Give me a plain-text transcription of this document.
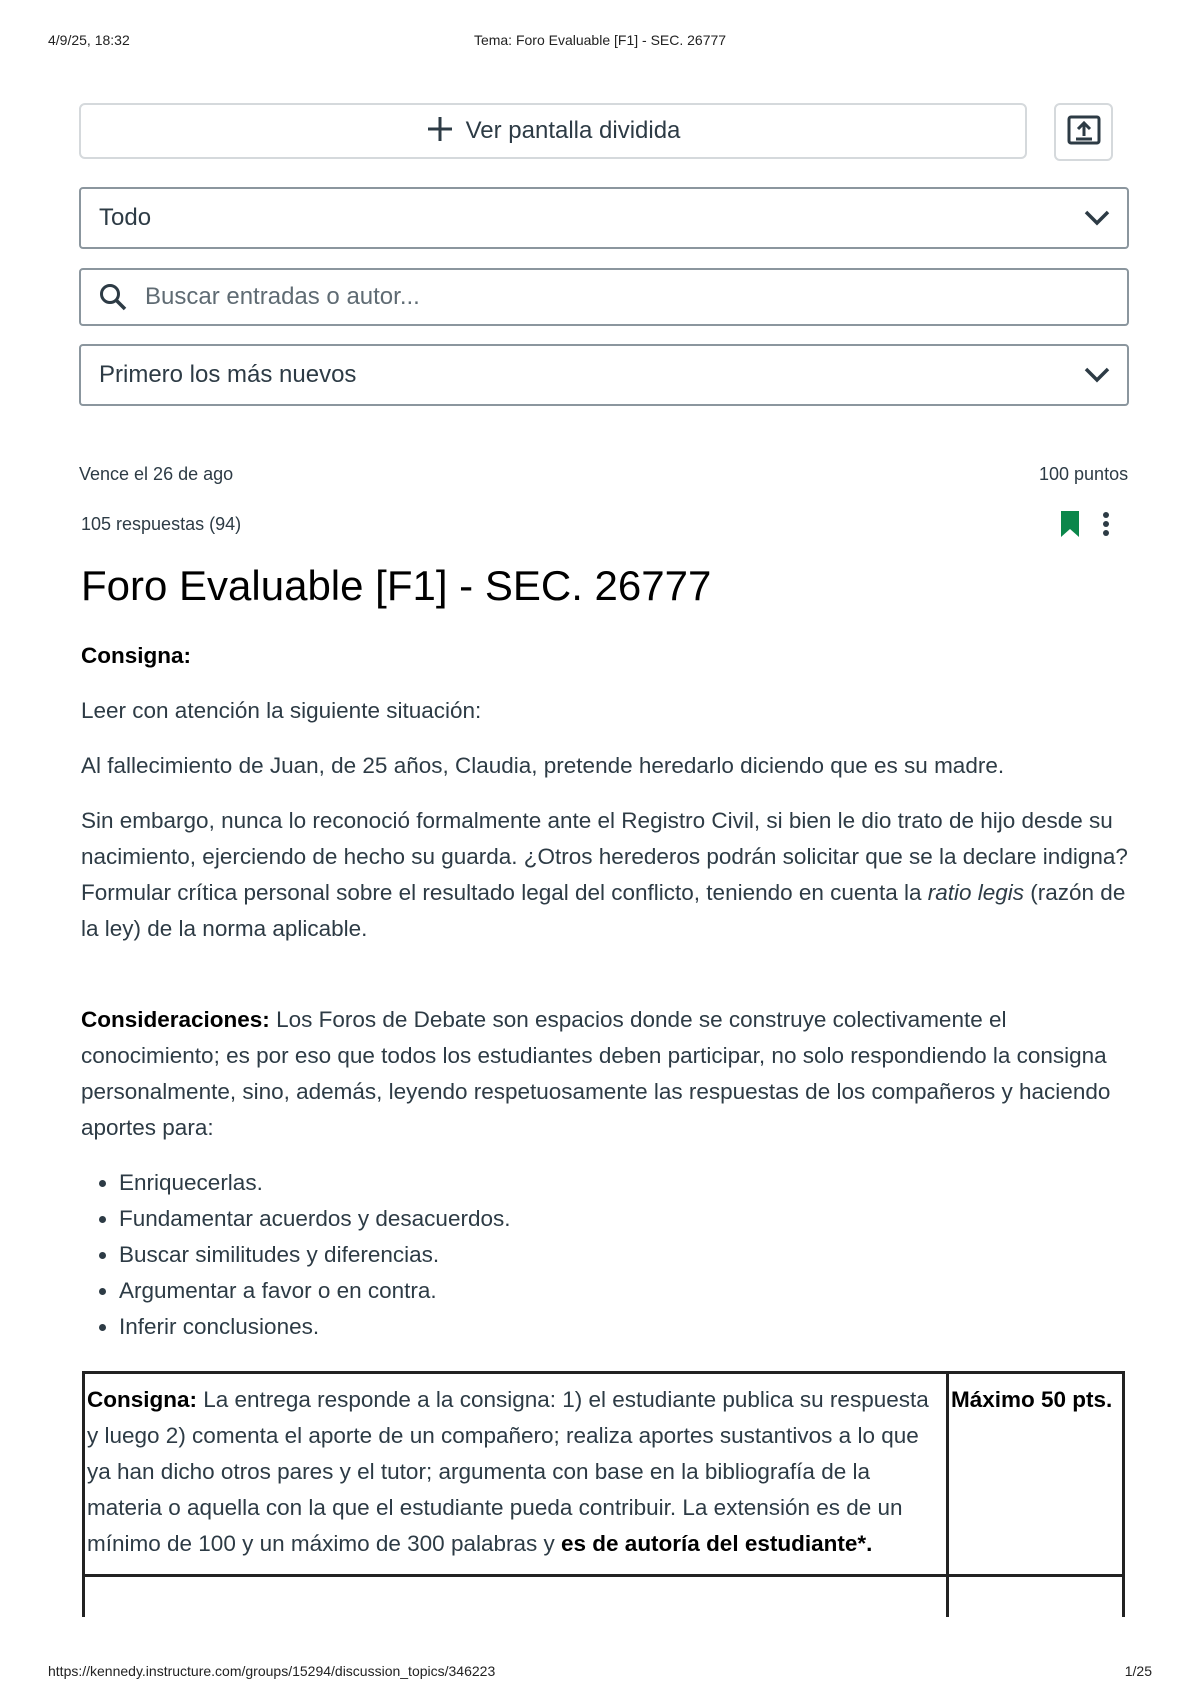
4/9/25, 18:32	Tema: Foro Evaluable [F1] - SEC. 26777
Ver pantalla dividida
Todo
Buscar entradas o autor...
Primero los más nuevos
Vence el 26 de ago	100 puntos
105 respuestas (94)
Foro Evaluable [F1] - SEC. 26777

Consigna:

Leer con atención la siguiente situación:

Al fallecimiento de Juan, de 25 años, Claudia, pretende heredarlo diciendo que es su madre.

Sin embargo, nunca lo reconoció formalmente ante el Registro Civil, si bien le dio trato de hijo desde su nacimiento, ejerciendo de hecho su guarda. ¿Otros herederos podrán solicitar que se la declare indigna? Formular crítica personal sobre el resultado legal del conflicto, teniendo en cuenta la ratio legis (razón de la ley) de la norma aplicable.

Consideraciones: Los Foros de Debate son espacios donde se construye colectivamente el conocimiento; es por eso que todos los estudiantes deben participar, no solo respondiendo la consigna personalmente, sino, además, leyendo respetuosamente las respuestas de los compañeros y haciendo aportes para:

• Enriquecerlas.
• Fundamentar acuerdos y desacuerdos.
• Buscar similitudes y diferencias.
• Argumentar a favor o en contra.
• Inferir conclusiones.
Consigna: La entrega responde a la consigna: 1) el estudiante publica su respuesta y luego 2) comenta el aporte de un compañero; realiza aportes sustantivos a lo que ya han dicho otros pares y el tutor; argumenta con base en la bibliografía de la materia o aquella con la que el estudiante pueda contribuir. La extensión es de un mínimo de 100 y un máximo de 300 palabras y es de autoría del estudiante*.	Máximo 50 pts.

https://kennedy.instructure.com/groups/15294/discussion_topics/346223	1/25
